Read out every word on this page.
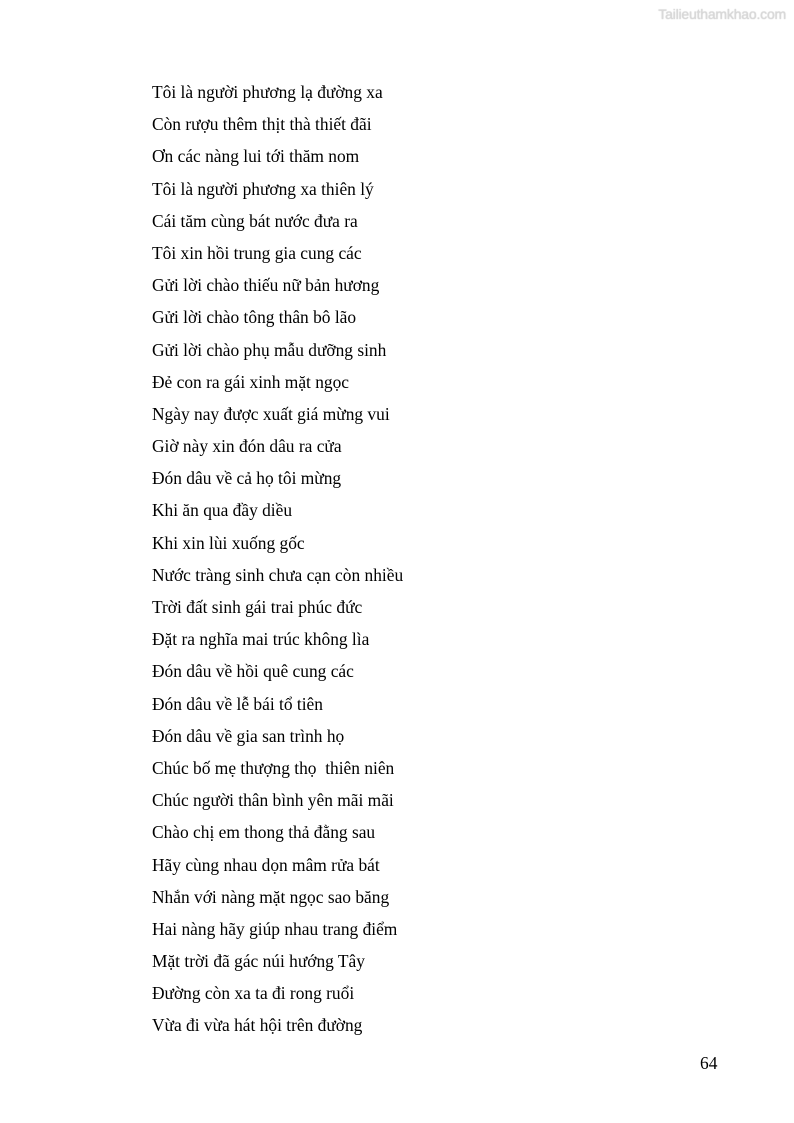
Tailieuthamkhao.com
Tôi là người phương lạ đường xa
Còn rượu thêm thịt thà thiết đãi
Ơn các nàng lui tới thăm nom
Tôi là người phương xa thiên lý
Cái tăm cùng bát nước đưa ra
Tôi xin hồi trung gia cung các
Gửi lời chào thiếu nữ bản hương
Gửi lời chào tông thân bô lão
Gửi lời chào phụ mẫu dưỡng sinh
Đẻ con ra gái xinh mặt ngọc
Ngày nay được xuất giá mừng vui
Giờ này xin đón dâu ra cửa
Đón dâu về cả họ tôi mừng
Khi ăn qua đầy diều
Khi xin lùi xuống gốc
Nước tràng sinh chưa cạn còn nhiều
Trời đất sinh gái trai phúc đức
Đặt ra nghĩa mai trúc không lìa
Đón dâu về hồi quê cung các
Đón dâu về lễ bái tổ tiên
Đón dâu về gia san trình họ
Chúc bố mẹ thượng thọ  thiên niên
Chúc người thân bình yên mãi mãi
Chào chị em thong thả đằng sau
Hãy cùng nhau dọn mâm rửa bát
Nhắn với nàng mặt ngọc sao băng
Hai nàng hãy giúp nhau trang điểm
Mặt trời đã gác núi hướng Tây
Đường còn xa ta đi rong ruổi
Vừa đi vừa hát hội trên đường
64
